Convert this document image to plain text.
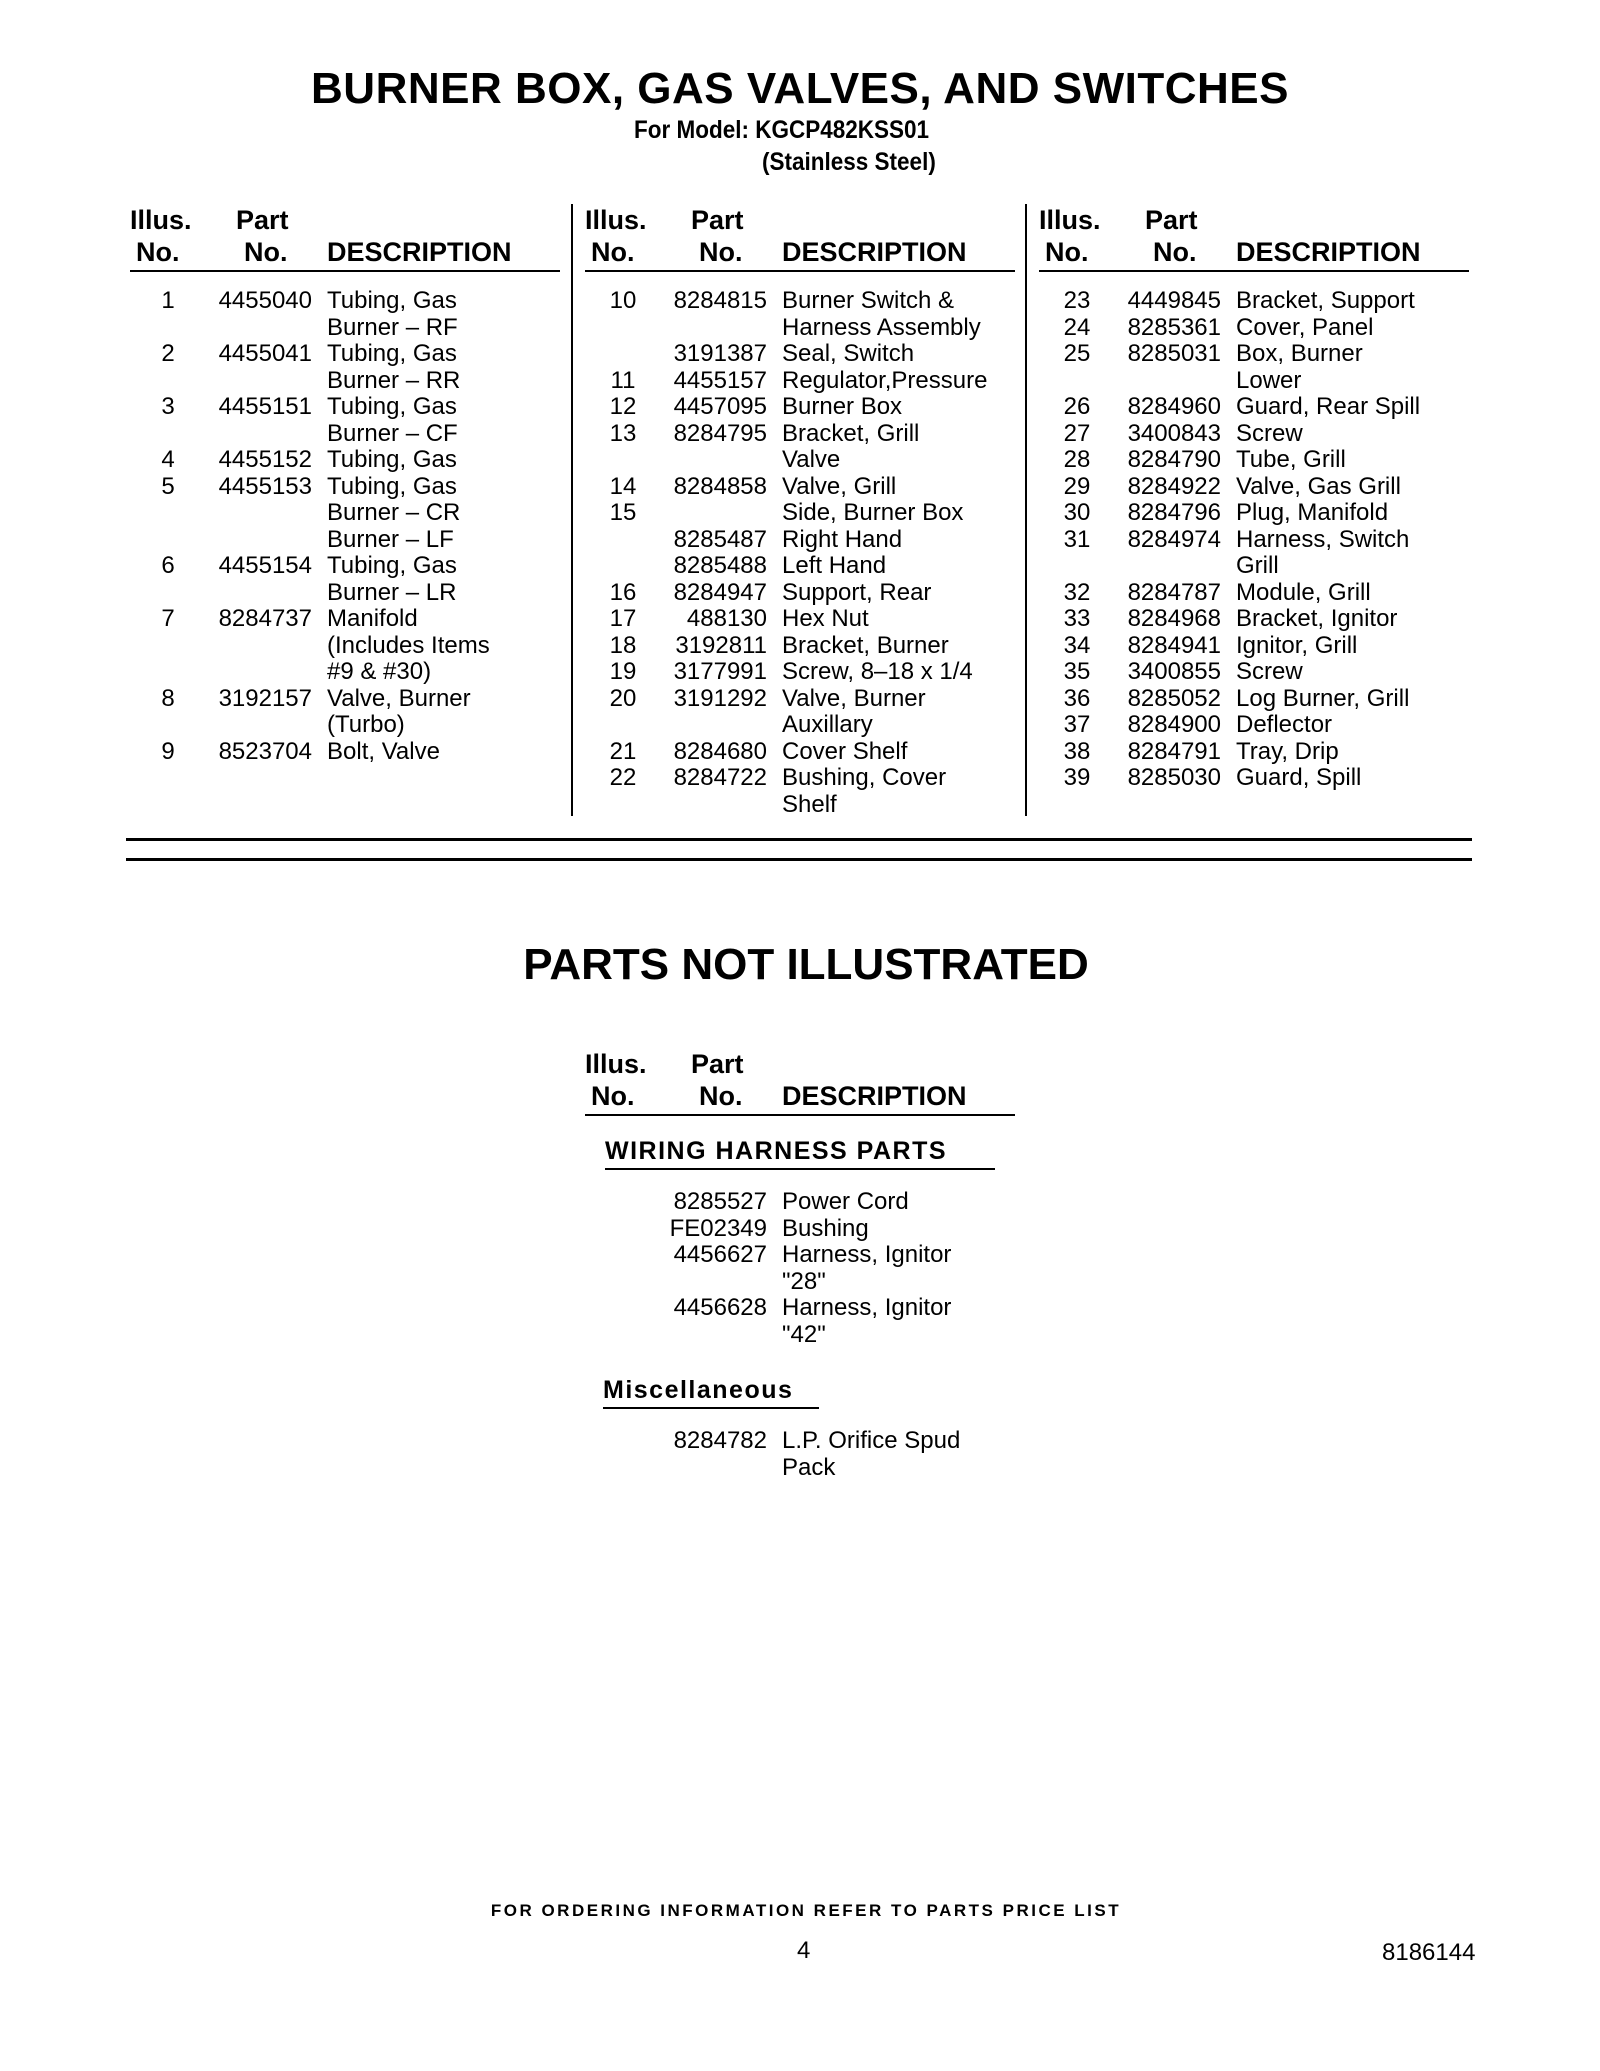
BURNER BOX, GAS VALVES, AND SWITCHES
For Model: KGCP482KSS01
(Stainless Steel)
Illus.
No.
Part
No. DESCRIPTION
1	4455040 Tubing, Gas
Burner – RF
2	4455041 Tubing, Gas
Burner – RR
3	4455151 Tubing, Gas
Burner – CF
4	4455152 Tubing, Gas
5	4455153 Tubing, Gas
Burner – CR
Burner – LF
6	4455154 Tubing, Gas
Burner – LR
7	8284737 Manifold
(Includes Items
#9 & #30)
8	3192157 Valve, Burner
(Turbo)
9	8523704 Bolt, Valve
Illus.
No.
Part
No. DESCRIPTION
10	8284815 Burner Switch &
Harness Assembly
3191387 Seal, Switch
11	4455157 Regulator,Pressure
12	4457095 Burner Box
13	8284795 Bracket, Grill
Valve
14	8284858 Valve, Grill
15	Side, Burner Box
8285487 Right Hand
8285488 Left Hand
16	8284947 Support, Rear
17	488130 Hex Nut
18	3192811 Bracket, Burner
19	3177991 Screw, 8–18 x 1/4
20	3191292 Valve, Burner
Auxillary
21	8284680 Cover Shelf
22	8284722 Bushing, Cover
Shelf
Illus.
No.
Part
No. DESCRIPTION
23	4449845 Bracket, Support
24	8285361 Cover, Panel
25	8285031 Box, Burner
Lower
26	8284960 Guard, Rear Spill
27	3400843 Screw
28	8284790 Tube, Grill
29	8284922 Valve, Gas Grill
30	8284796 Plug, Manifold
31	8284974 Harness, Switch
Grill
32	8284787 Module, Grill
33	8284968 Bracket, Ignitor
34	8284941 Ignitor, Grill
35	3400855 Screw
36	8285052 Log Burner, Grill
37	8284900 Deflector
38	8284791 Tray, Drip
39	8285030 Guard, Spill
PARTS NOT ILLUSTRATED
Illus.
No.
Part
No. DESCRIPTION
WIRING HARNESS PARTS
8285527 Power Cord
FE02349 Bushing
4456627 Harness, Ignitor
"28"
4456628 Harness, Ignitor
"42"
Miscellaneous
8284782 L.P. Orifice Spud
Pack
FOR ORDERING INFORMATION REFER TO PARTS PRICE LIST
4	8186144
